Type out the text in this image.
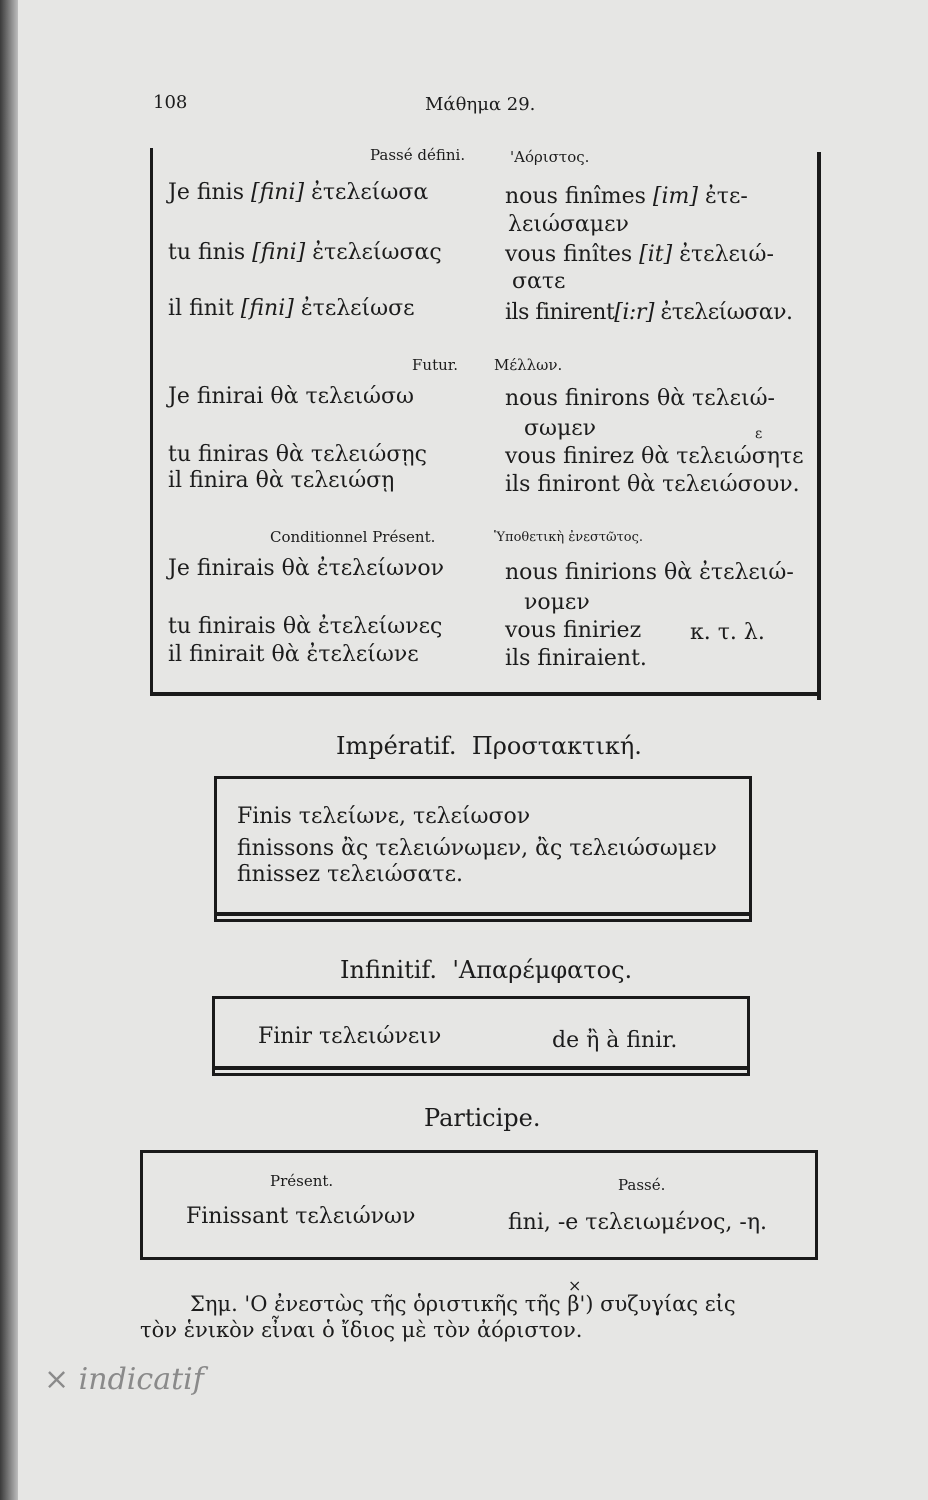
108	Μάθημα 29.
Passé défini.	'Αόριστος.
Je finis [fini] ἐτελείωσα	nous finîmes [im] ἐτε-
λειώσαμεν
tu finis [fini] ἐτελείωσας	vous finîtes [it] ἐτελειώ-
σατε
il finit [fini] ἐτελείωσε	ils finirent[i:r] ἐτελείωσαν.
Futur. Μέλλων.
Je finirai θὰ τελειώσω	nous finirons θὰ τελειώ-
σωμεν	ε
tu finiras θὰ τελειώσῃς	vous finirez θὰ τελειώσητε
il finira θὰ τελειώσῃ	ils finiront θὰ τελειώσουν.
Conditionnel Présent.	Ὑποθετικὴ ἐνεστῶτος.
Je finirais θὰ ἐτελείωνον	nous finirions θὰ ἐτελειώ-
νομεν
tu finirais θὰ ἐτελείωνες	vous finiriez κ. τ. λ.
il finirait θὰ ἐτελείωνε	ils finiraient.
Impératif. Προστακτική.
Finis τελείωνε, τελείωσον
finissons ἂς τελειώνωμεν, ἂς τελειώσωμεν
finissez τελειώσατε.
Infinitif. 'Απαρέμφατος.
Finir τελειώνειν	de ἢ à finir.
Participe.
Présent.	Passé.
Finissant τελειώνων	fini, -e τελειωμένος, -η.
×
Σημ. 'Ο ἐνεστὼς τῆς ὁριστικῆς τῆς β') συζυγίας εἰς
τὸν ἑνικὸν εἶναι ὁ ἴδιος μὲ τὸν ἀόριστον.
× indicatif
